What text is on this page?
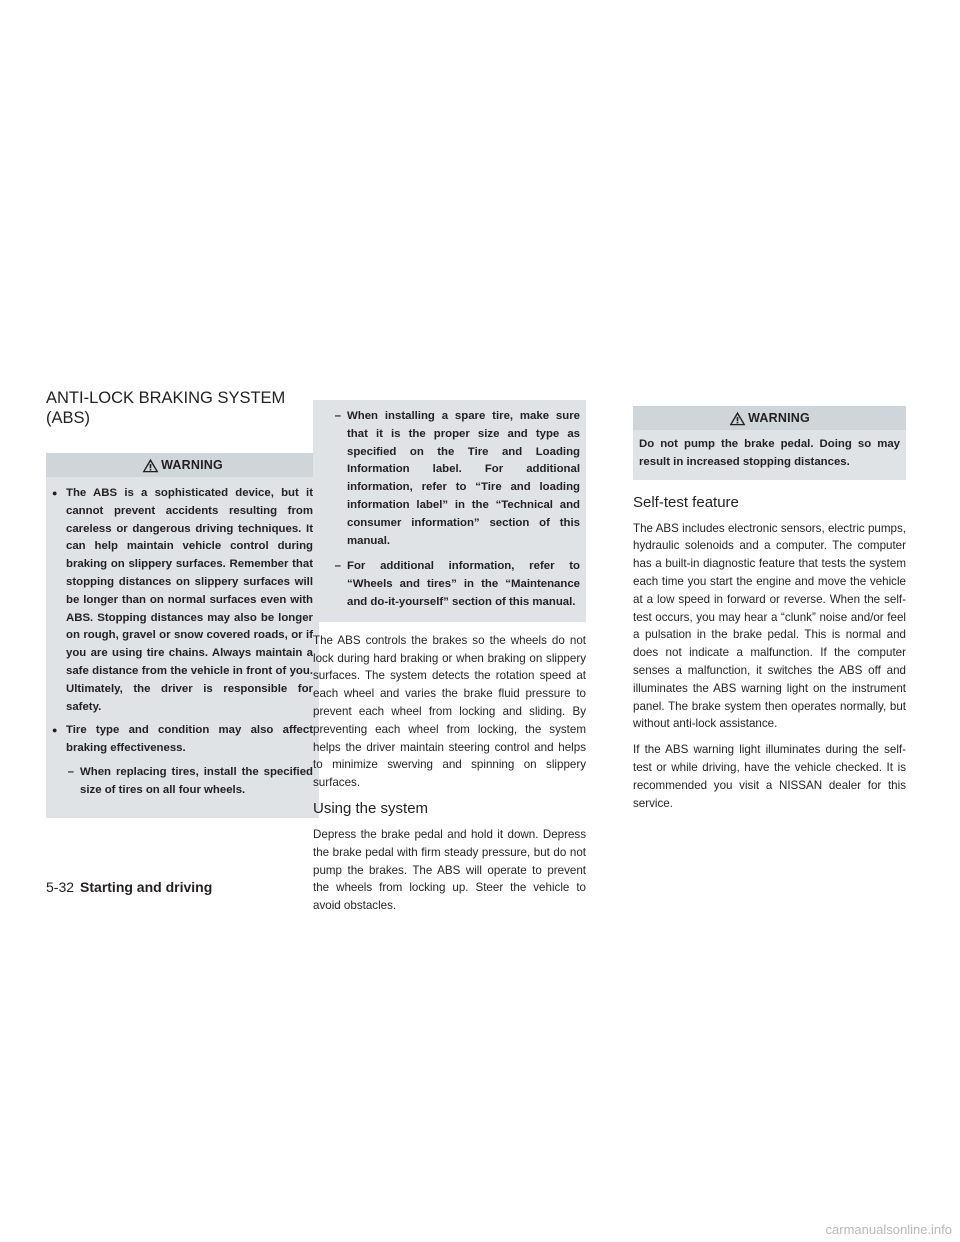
ANTI-LOCK BRAKING SYSTEM (ABS)
WARNING
● The ABS is a sophisticated device, but it cannot prevent accidents resulting from careless or dangerous driving techniques. It can help maintain vehicle control during braking on slippery surfaces. Remember that stopping distances on slippery surfaces will be longer than on normal surfaces even with ABS. Stopping distances may also be longer on rough, gravel or snow covered roads, or if you are using tire chains. Always maintain a safe distance from the vehicle in front of you. Ultimately, the driver is responsible for safety.
● Tire type and condition may also affect braking effectiveness.
– When replacing tires, install the specified size of tires on all four wheels.
– When installing a spare tire, make sure that it is the proper size and type as specified on the Tire and Loading Information label. For additional information, refer to “Tire and loading information label” in the “Technical and consumer information” section of this manual.
– For additional information, refer to “Wheels and tires” in the “Maintenance and do-it-yourself” section of this manual.

The ABS controls the brakes so the wheels do not lock during hard braking or when braking on slippery surfaces. The system detects the rotation speed at each wheel and varies the brake fluid pressure to prevent each wheel from locking and sliding. By preventing each wheel from locking, the system helps the driver maintain steering control and helps to minimize swerving and spinning on slippery surfaces.

Using the system

Depress the brake pedal and hold it down. Depress the brake pedal with firm steady pressure, but do not pump the brakes. The ABS will operate to prevent the wheels from locking up. Steer the vehicle to avoid obstacles.

WARNING
Do not pump the brake pedal. Doing so may result in increased stopping distances.
Self-test feature

The ABS includes electronic sensors, electric pumps, hydraulic solenoids and a computer. The computer has a built-in diagnostic feature that tests the system each time you start the engine and move the vehicle at a low speed in forward or reverse. When the self-test occurs, you may hear a “clunk” noise and/or feel a pulsation in the brake pedal. This is normal and does not indicate a malfunction. If the computer senses a malfunction, it switches the ABS off and illuminates the ABS warning light on the instrument panel. The brake system then operates normally, but without anti-lock assistance.

If the ABS warning light illuminates during the self-test or while driving, have the vehicle checked. It is recommended you visit a NISSAN dealer for this service.

5-32 Starting and driving
carmanualsonline.info
